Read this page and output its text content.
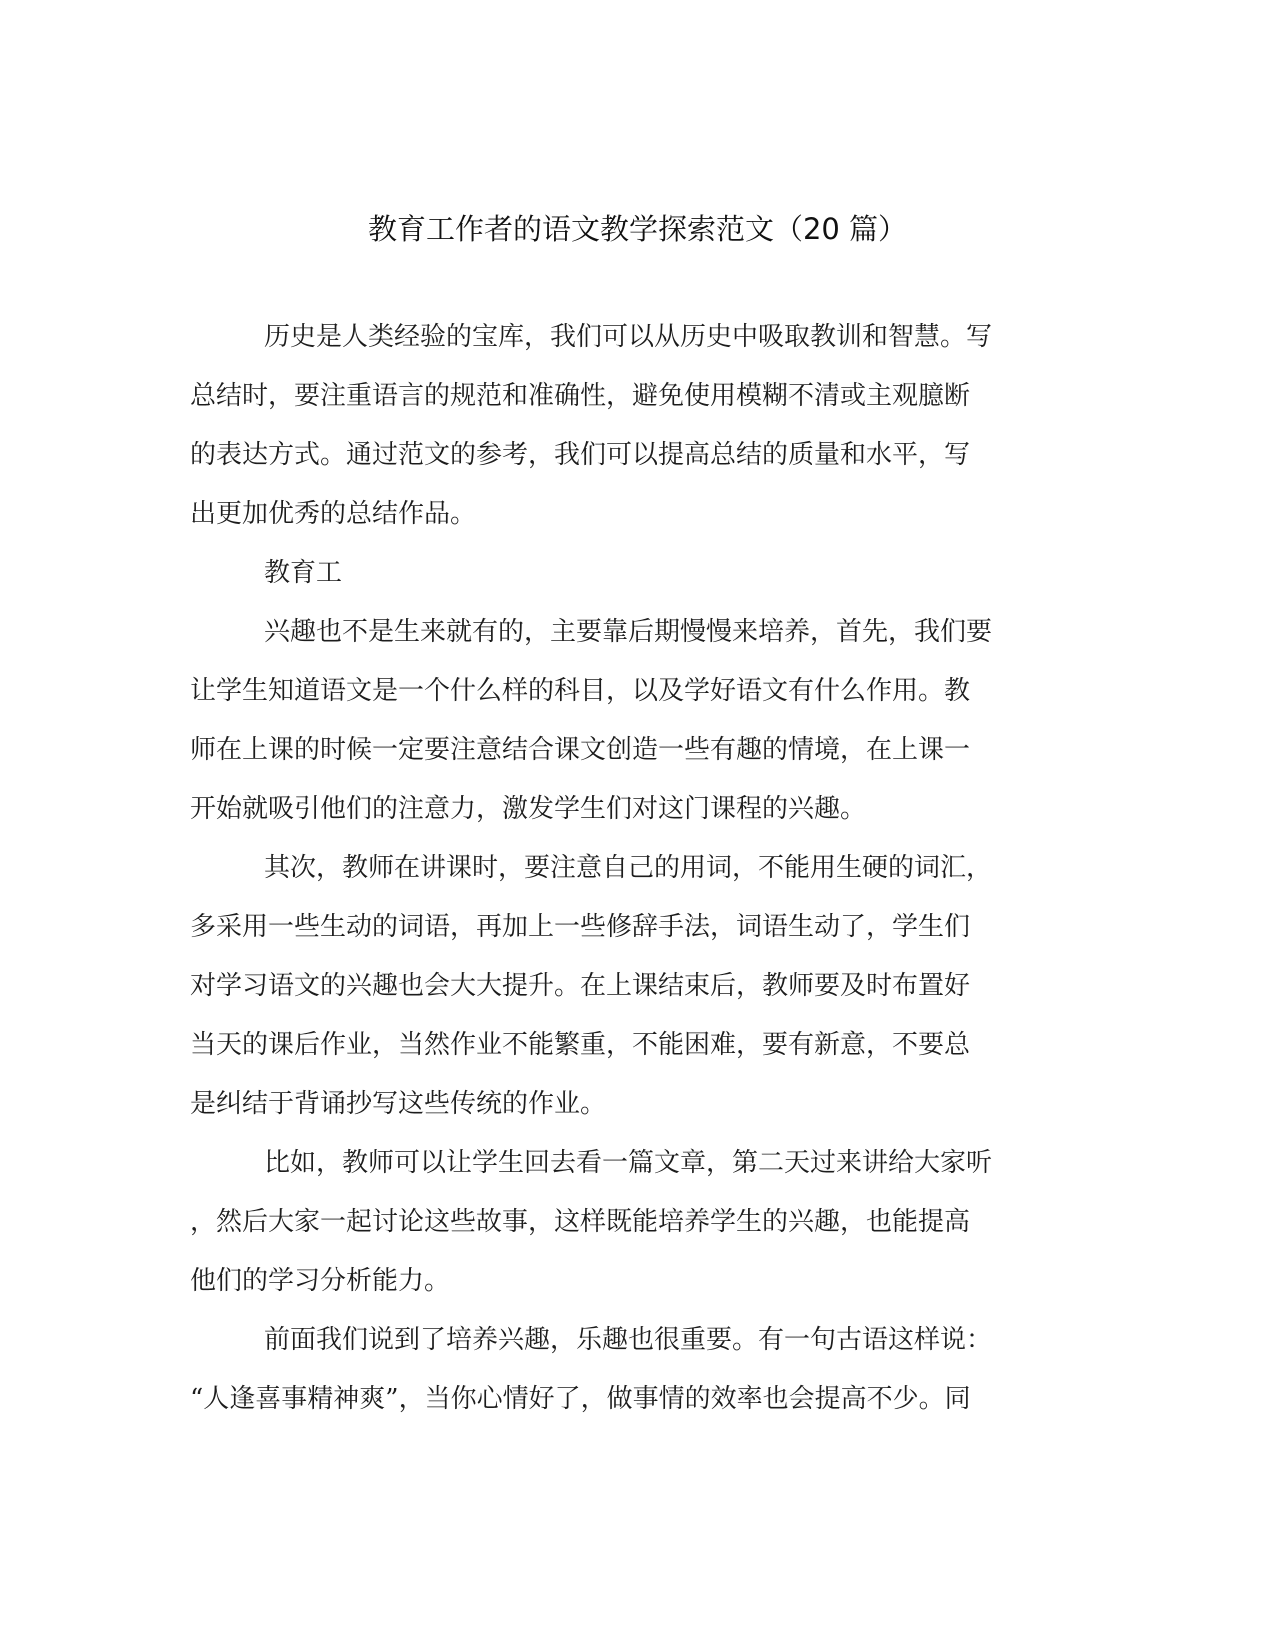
教育工作者的语文教学探索范文（20 篇）
历史是人类经验的宝库，我们可以从历史中吸取教训和智慧。写
总结时，要注重语言的规范和准确性，避免使用模糊不清或主观臆断
的表达方式。通过范文的参考，我们可以提高总结的质量和水平，写
出更加优秀的总结作品。
教育工
兴趣也不是生来就有的，主要靠后期慢慢来培养，首先，我们要
让学生知道语文是一个什么样的科目，以及学好语文有什么作用。教
师在上课的时候一定要注意结合课文创造一些有趣的情境，在上课一
开始就吸引他们的注意力，激发学生们对这门课程的兴趣。
其次，教师在讲课时，要注意自己的用词，不能用生硬的词汇，
多采用一些生动的词语，再加上一些修辞手法，词语生动了，学生们
对学习语文的兴趣也会大大提升。在上课结束后，教师要及时布置好
当天的课后作业，当然作业不能繁重，不能困难，要有新意，不要总
是纠结于背诵抄写这些传统的作业。
比如，教师可以让学生回去看一篇文章，第二天过来讲给大家听
，然后大家一起讨论这些故事，这样既能培养学生的兴趣，也能提高
他们的学习分析能力。
前面我们说到了培养兴趣，乐趣也很重要。有一句古语这样说：
“人逢喜事精神爽”，当你心情好了，做事情的效率也会提高不少。同
